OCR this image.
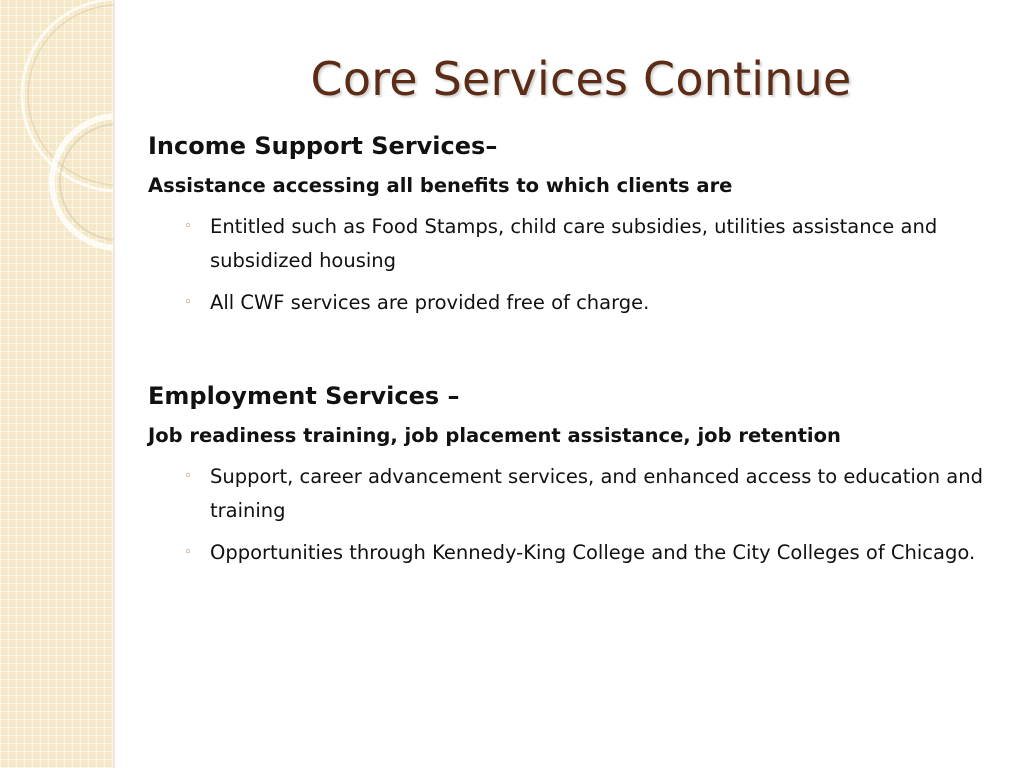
Core Services Continue

Income Support Services–

Assistance accessing all benefits to which clients are

◦ Entitled such as Food Stamps, child care subsidies, utilities assistance and subsidized housing
◦ All CWF services are provided free of charge.

Employment Services –

Job readiness training, job placement assistance, job retention

◦ Support, career advancement services, and enhanced access to education and training
◦ Opportunities through Kennedy-King College and the City Colleges of Chicago.
